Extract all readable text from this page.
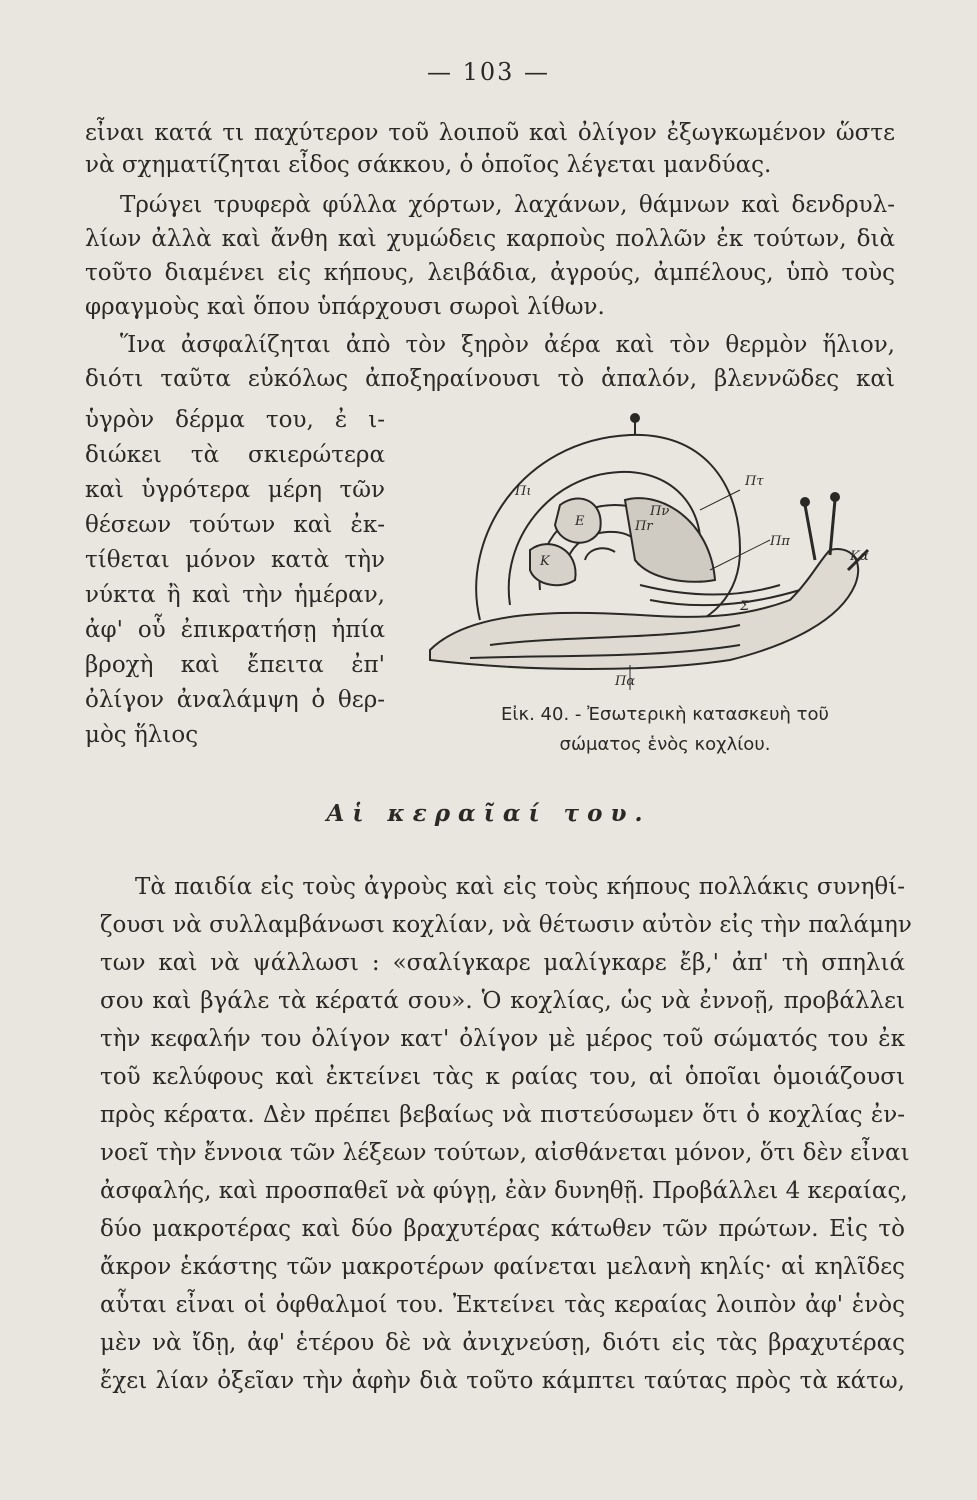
— 103 —
εἶναι κατά τι παχύτερον τοῦ λοιποῦ καὶ ὀλίγον ἐξωγκωμένον ὥστε
νὰ σχηματίζηται εἶδος σάκκου, ὁ ὁποῖος λέγεται μανδύας.
Τρώγει τρυφερὰ φύλλα χόρτων, λαχάνων, θάμνων καὶ δενδρυλ-
λίων ἀλλὰ καὶ ἄνθη καὶ χυμώδεις καρποὺς πολλῶν ἐκ τούτων, διὰ
τοῦτο διαμένει εἰς κήπους, λειβάδια, ἀγρούς, ἀμπέλους, ὑπὸ τοὺς
φραγμοὺς καὶ ὅπου ὑπάρχουσι σωροὶ λίθων.
Ἵνα ἀσφαλίζηται ἀπὸ τὸν ξηρὸν ἀέρα καὶ τὸν θερμὸν ἥλιον,
διότι ταῦτα εὐκόλως ἀποξηραίνουσι τὸ ἁπαλόν, βλεννῶδες καὶ
ὑγρὸν δέρμα του, ἐ ι-
διώκει τὰ σκιερώτερα
καὶ ὑγρότερα μέρη τῶν
θέσεων τούτων καὶ ἐκ-
τίθεται μόνον κατὰ τὴν
νύκτα ἢ καὶ τὴν ἡμέραν,
ἀφ' οὗ ἐπικρατήσῃ ἠπία
βροχὴ καὶ ἔπειτα ἐπ'
ὀλίγον ἀναλάμψη ὁ θερ-
μὸς ἥλιος
Πι
Πτ
Κ
Ε
Πν
Πr
Κα
Ππ
Σ
Πα
Εἰκ. 40. - Ἐσωτερικὴ κατασκευὴ τοῦ
σώματος ἑνὸς κοχλίου.
Αἱ κεραῖαί του.
Τὰ παιδία εἰς τοὺς ἀγροὺς καὶ εἰς τοὺς κήπους πολλάκις συνηθί-
ζουσι νὰ συλλαμβάνωσι κοχλίαν, νὰ θέτωσιν αὐτὸν εἰς τὴν παλάμην
των καὶ νὰ ψάλλωσι : «σαλίγκαρε μαλίγκαρε ἔβ,' ἀπ' τὴ σπηλιά
σου καὶ βγάλε τὰ κέρατά σου». Ὁ κοχλίας, ὡς νὰ ἐννοῇ, προβάλλει
τὴν κεφαλήν του ὀλίγον κατ' ὀλίγον μὲ μέρος τοῦ σώματός του ἐκ
τοῦ κελύφους καὶ ἐκτείνει τὰς κ ραίας του, αἱ ὁποῖαι ὁμοιάζουσι
πρὸς κέρατα. Δὲν πρέπει βεβαίως νὰ πιστεύσωμεν ὅτι ὁ κοχλίας ἐν-
νοεῖ τὴν ἔννοια τῶν λέξεων τούτων, αἰσθάνεται μόνον, ὅτι δὲν εἶναι
ἀσφαλής, καὶ προσπαθεῖ νὰ φύγῃ, ἐὰν δυνηθῇ. Προβάλλει 4 κεραίας,
δύο μακροτέρας καὶ δύο βραχυτέρας κάτωθεν τῶν πρώτων. Εἰς τὸ
ἄκρον ἑκάστης τῶν μακροτέρων φαίνεται μελανὴ κηλίς· αἱ κηλῖδες
αὗται εἶναι οἱ ὀφθαλμοί του. Ἐκτείνει τὰς κεραίας λοιπὸν ἀφ' ἑνὸς
μὲν νὰ ἴδῃ, ἀφ' ἑτέρου δὲ νὰ ἀνιχνεύσῃ, διότι εἰς τὰς βραχυτέρας
ἔχει λίαν ὀξεῖαν τὴν ἁφὴν διὰ τοῦτο κάμπτει ταύτας πρὸς τὰ κάτω,
